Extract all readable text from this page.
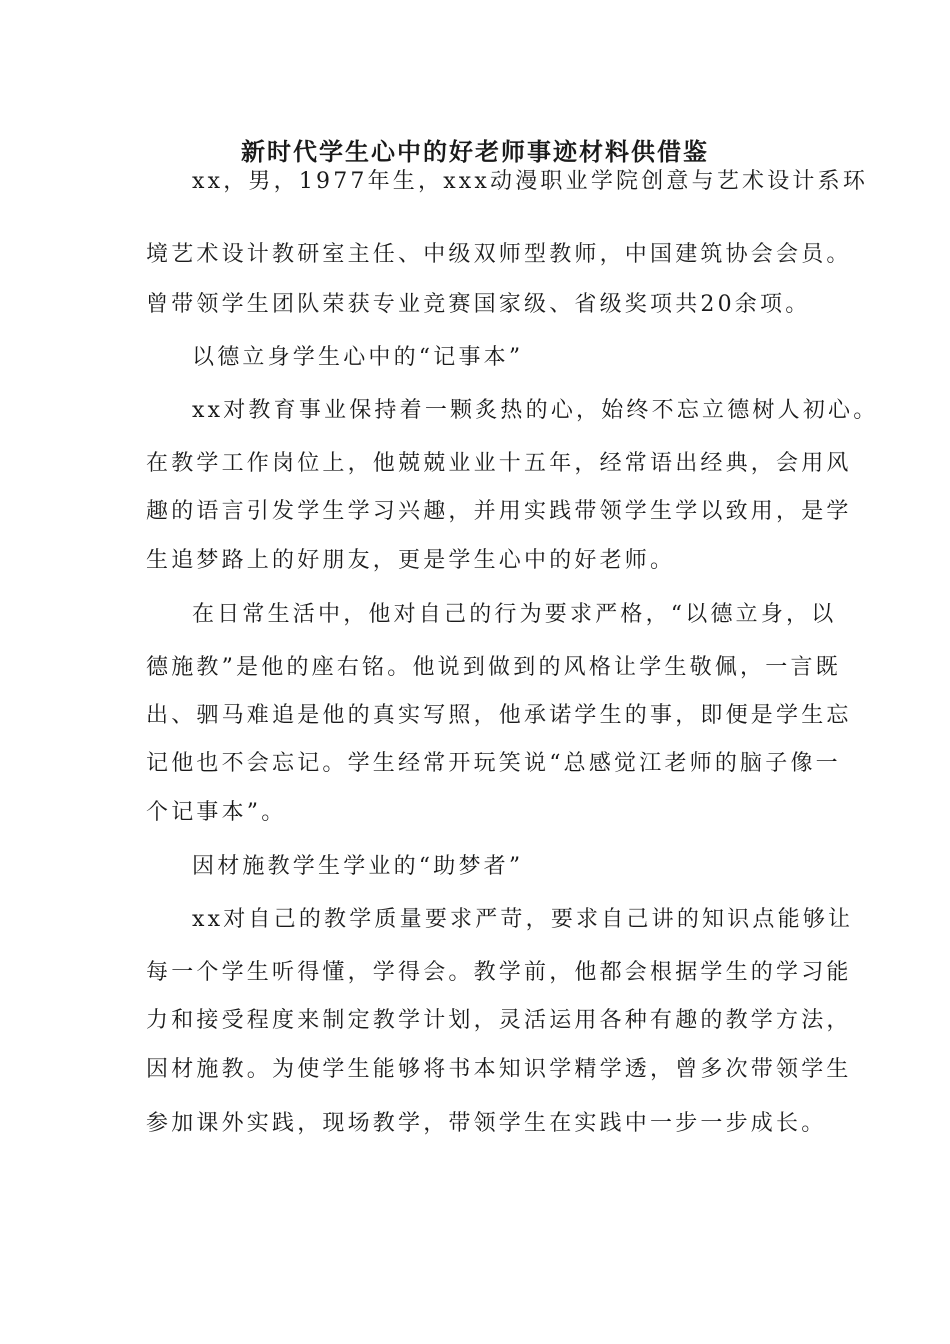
新时代学生心中的好老师事迹材料供借鉴
xx，男，1977年生，xxx动漫职业学院创意与艺术设计系环
境艺术设计教研室主任、中级双师型教师，中国建筑协会会员。
曾带领学生团队荣获专业竞赛国家级、省级奖项共20余项。
以德立身学生心中的“记事本”
xx对教育事业保持着一颗炙热的心，始终不忘立德树人初心。
在教学工作岗位上，他兢兢业业十五年，经常语出经典，会用风
趣的语言引发学生学习兴趣，并用实践带领学生学以致用，是学
生追梦路上的好朋友，更是学生心中的好老师。
在日常生活中，他对自己的行为要求严格，“以德立身，以
德施教”是他的座右铭。他说到做到的风格让学生敬佩，一言既
出、驷马难追是他的真实写照，他承诺学生的事，即便是学生忘
记他也不会忘记。学生经常开玩笑说“总感觉江老师的脑子像一
个记事本”。
因材施教学生学业的“助梦者”
xx对自己的教学质量要求严苛，要求自己讲的知识点能够让
每一个学生听得懂，学得会。教学前，他都会根据学生的学习能
力和接受程度来制定教学计划，灵活运用各种有趣的教学方法，
因材施教。为使学生能够将书本知识学精学透，曾多次带领学生
参加课外实践，现场教学，带领学生在实践中一步一步成长。
